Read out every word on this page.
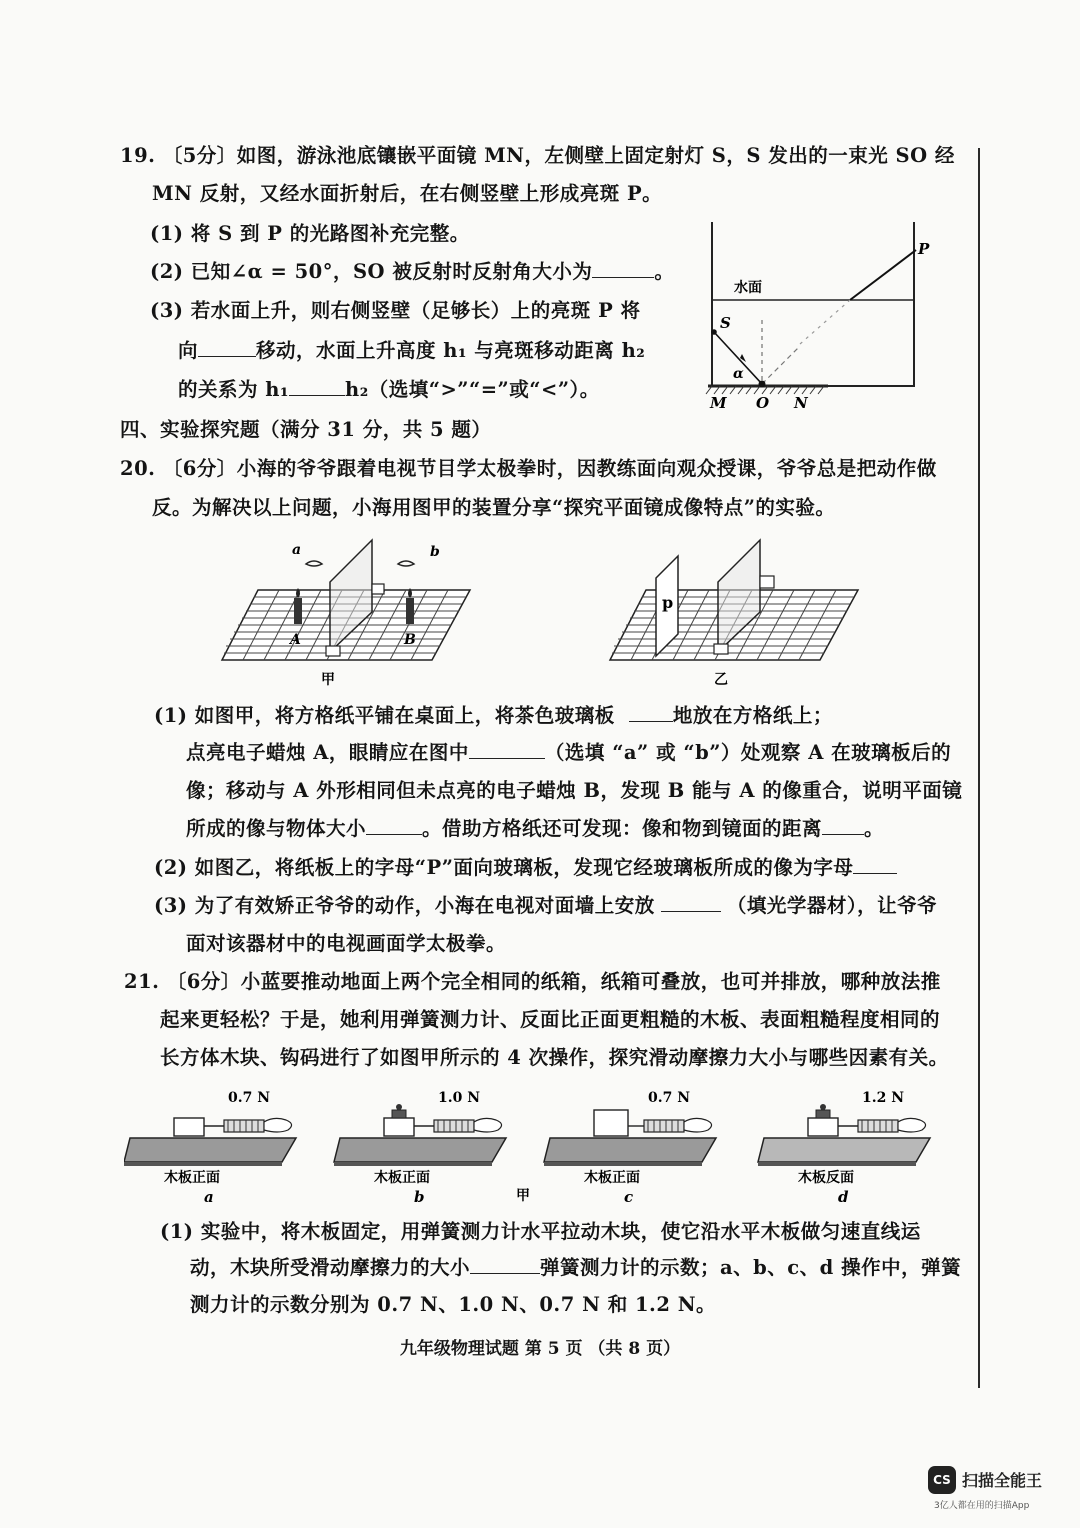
19. 〔5分〕如图，游泳池底镶嵌平面镜 MN，左侧壁上固定射灯 S，S 发出的一束光 SO 经
MN 反射，又经水面折射后，在右侧竖壁上形成亮斑 P。
(1) 将 S 到 P 的光路图补充完整。
(2) 已知∠α = 50°，SO 被反射时反射角大小为	。
(3) 若水面上升，则右侧竖壁（足够长）上的亮斑 P 将
向	移动，水面上升高度 h₁ 与亮斑移动距离 h₂
的关系为 h₁	h₂（选填“>”“=”或“<”）。
P
水面
S
α
M O N
四、实验探究题（满分 31 分，共 5 题）
20. 〔6分〕小海的爷爷跟着电视节目学太极拳时，因教练面向观众授课，爷爷总是把动作做
反。为解决以上问题，小海用图甲的装置分享“探究平面镜成像特点”的实验。
a	b
A	B
甲
p
乙
(1) 如图甲，将方格纸平铺在桌面上，将茶色玻璃板	地放在方格纸上；
点亮电子蜡烛 A，眼睛应在图中	（选填 “a” 或 “b”）处观察 A 在玻璃板后的
像；移动与 A 外形相同但未点亮的电子蜡烛 B，发现 B 能与 A 的像重合，说明平面镜
所成的像与物体大小	。借助方格纸还可发现：像和物到镜面的距离 。
(2) 如图乙，将纸板上的字母“P”面向玻璃板，发现它经玻璃板所成的像为字母
(3) 为了有效矫正爷爷的动作，小海在电视对面墙上安放	（填光学器材），让爷爷
面对该器材中的电视画面学太极拳。
21. 〔6分〕小蓝要推动地面上两个完全相同的纸箱，纸箱可叠放，也可并排放，哪种放法推
起来更轻松？于是，她利用弹簧测力计、反面比正面更粗糙的木板、表面粗糙程度相同的
长方体木块、钩码进行了如图甲所示的 4 次操作，探究滑动摩擦力大小与哪些因素有关。
0.7 N
木板正面
a
1.0 N
木板正面
b
0.7 N
木板正面
c
1.2 N
木板反面
d
甲
(1) 实验中，将木板固定，用弹簧测力计水平拉动木块，使它沿水平木板做匀速直线运
动，木块所受滑动摩擦力的大小	弹簧测力计的示数；a、b、c、d 操作中，弹簧
测力计的示数分别为 0.7 N、1.0 N、0.7 N 和 1.2 N。
九年级物理试题 第 5 页 （共 8 页）
CS 扫描全能王
3亿人都在用的扫描App
